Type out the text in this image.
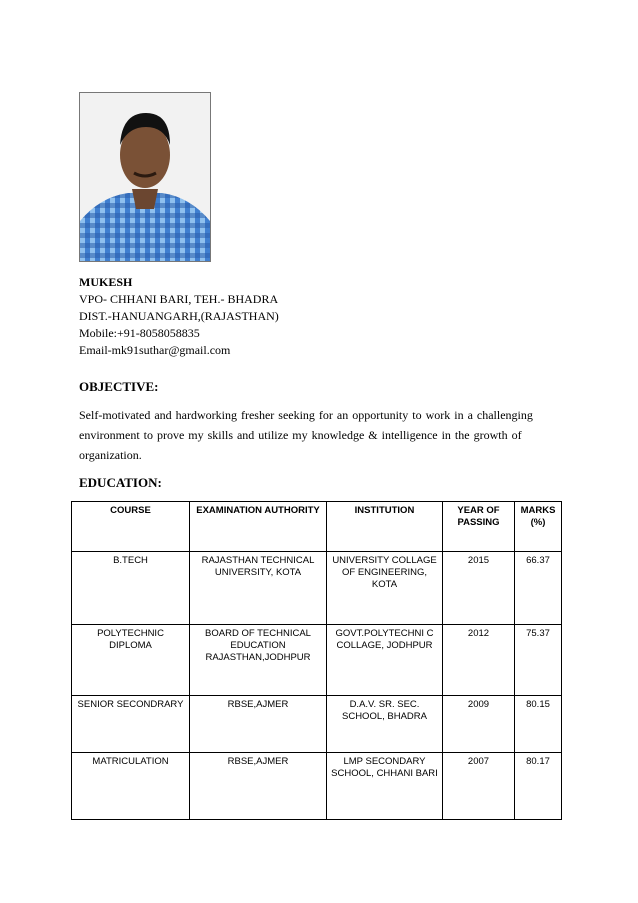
MUKESH
VPO- CHHANI BARI, TEH.- BHADRA
DIST.-HANUANGARH,(RAJASTHAN)
Mobile:+91-8058058835
Email-mk91suthar@gmail.com
OBJECTIVE:
Self-motivated and hardworking fresher seeking for an opportunity to work in a challenging environment to prove my skills and utilize my knowledge & intelligence in the growth of organization.
EDUCATION:
COURSE	EXAMINATION AUTHORITY	INSTITUTION	YEAR OF PASSING	MARKS (%)
B.TECH	RAJASTHAN TECHNICAL UNIVERSITY, KOTA	UNIVERSITY COLLAGE OF ENGINEERING, KOTA	2015	66.37
POLYTECHNIC DIPLOMA	BOARD OF TECHNICAL EDUCATION RAJASTHAN,JODHPUR	GOVT.POLYTECHNI C COLLAGE, JODHPUR	2012	75.37
SENIOR SECONDRARY	RBSE,AJMER	D.A.V. SR. SEC. SCHOOL, BHADRA	2009	80.15
MATRICULATION	RBSE,AJMER	LMP SECONDARY SCHOOL, CHHANI BARI	2007	80.17
